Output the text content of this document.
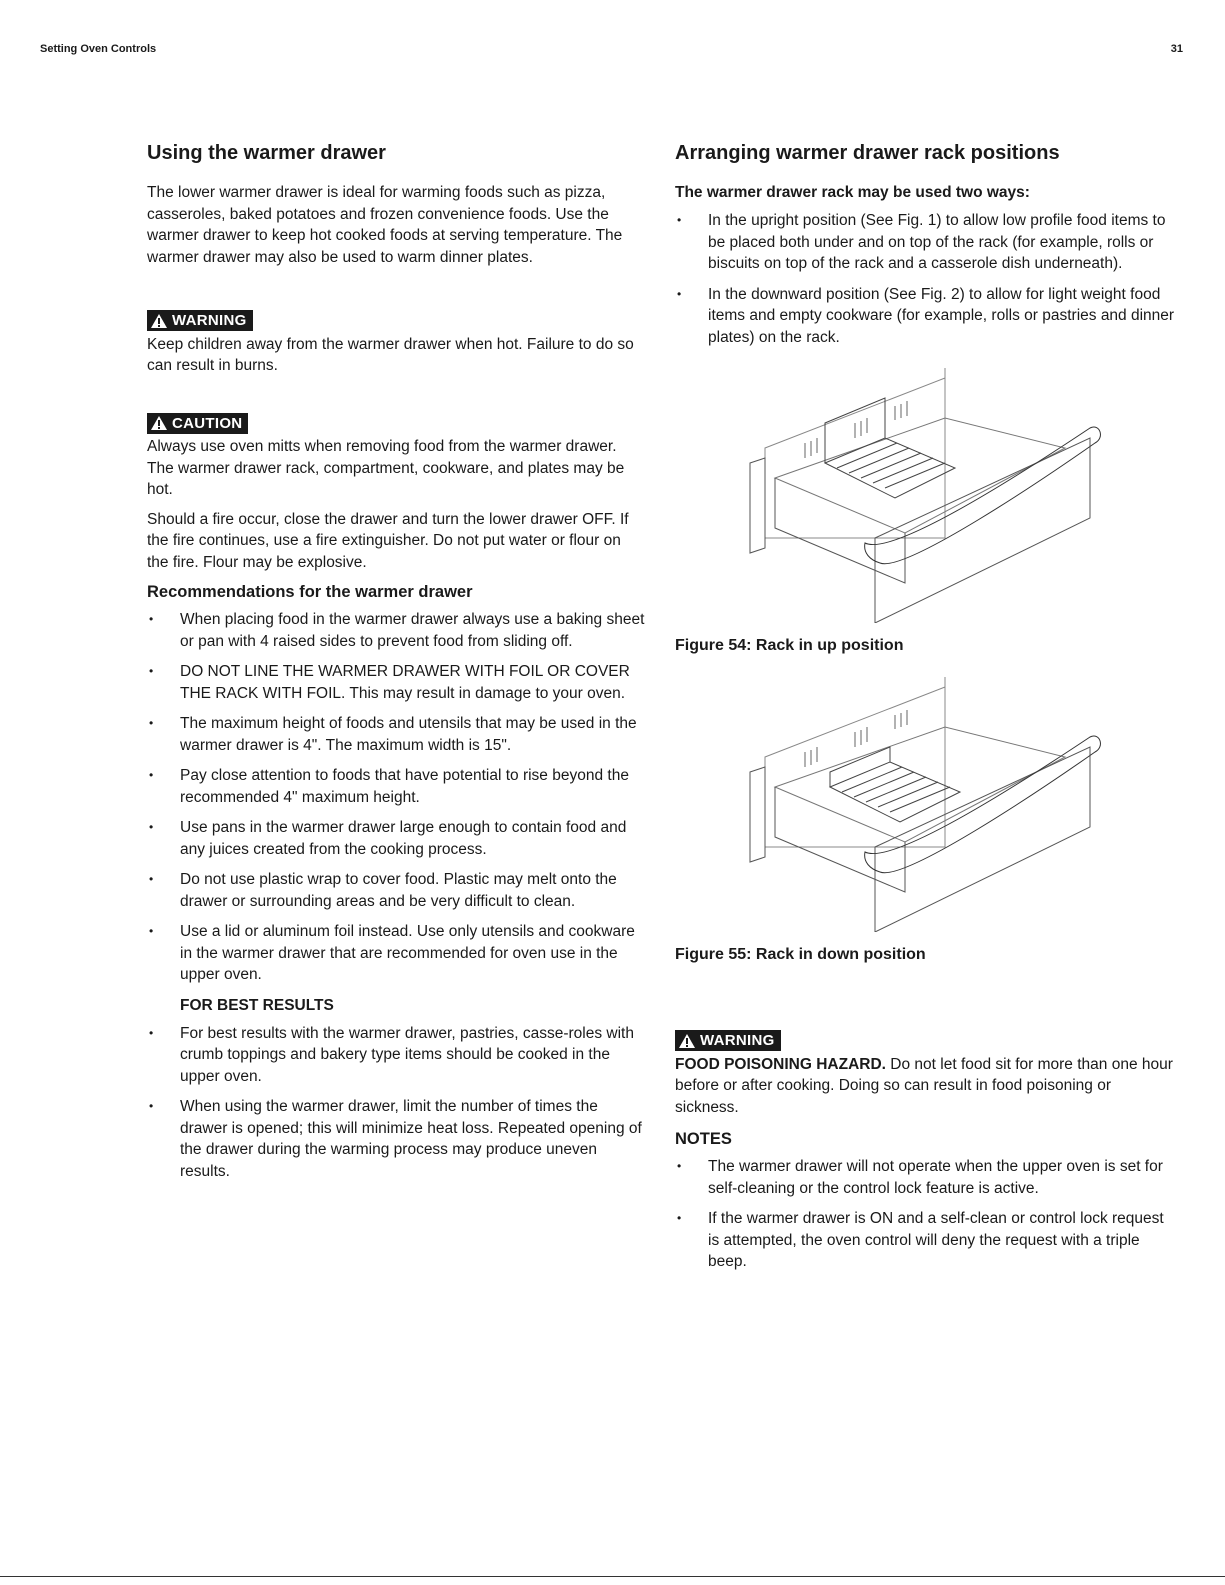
Setting Oven Controls	31
Using the warmer drawer

The lower warmer drawer is ideal for warming foods such as pizza, casseroles, baked potatoes and frozen convenience foods. Use the warmer drawer to keep hot cooked foods at serving temperature. The warmer drawer may also be used to warm dinner plates.

WARNING

Keep children away from the warmer drawer when hot. Failure to do so can result in burns.

CAUTION

Always use oven mitts when removing food from the warmer drawer. The warmer drawer rack, compartment, cookware, and plates may be hot.

Should a fire occur, close the drawer and turn the lower drawer OFF. If the fire continues, use a fire extinguisher. Do not put water or flour on the fire. Flour may be explosive.

Recommendations for the warmer drawer
• When placing food in the warmer drawer always use a baking sheet or pan with 4 raised sides to prevent food from sliding off.
• DO NOT LINE THE WARMER DRAWER WITH FOIL OR COVER THE RACK WITH FOIL. This may result in damage to your oven.
• The maximum height of foods and utensils that may be used in the warmer drawer is 4". The maximum width is 15".
• Pay close attention to foods that have potential to rise beyond the recommended 4" maximum height.
• Use pans in the warmer drawer large enough to contain food and any juices created from the cooking process.
• Do not use plastic wrap to cover food. Plastic may melt onto the drawer or surrounding areas and be very difficult to clean.
• Use a lid or aluminum foil instead. Use only utensils and cookware in the warmer drawer that are recommended for oven use in the upper oven.
FOR BEST RESULTS
• For best results with the warmer drawer, pastries, casse-roles with crumb toppings and bakery type items should be cooked in the upper oven.
• When using the warmer drawer, limit the number of times the drawer is opened; this will minimize heat loss. Repeated opening of the drawer during the warming process may produce uneven results.
Arranging warmer drawer rack positions
The warmer drawer rack may be used two ways:
• In the upright position (See Fig. 1) to allow low profile food items to be placed both under and on top of the rack (for example, rolls or biscuits on top of the rack and a casserole dish underneath).
• In the downward position (See Fig. 2) to allow for light weight food items and empty cookware (for example, rolls or pastries and dinner plates) on the rack.
Figure 54: Rack in up position
Figure 55: Rack in down position
WARNING

FOOD POISONING HAZARD. Do not let food sit for more than one hour before or after cooking. Doing so can result in food poisoning or sickness.

NOTES
• The warmer drawer will not operate when the upper oven is set for self-cleaning or the control lock feature is active.
• If the warmer drawer is ON and a self-clean or control lock request is attempted, the oven control will deny the request with a triple beep.
